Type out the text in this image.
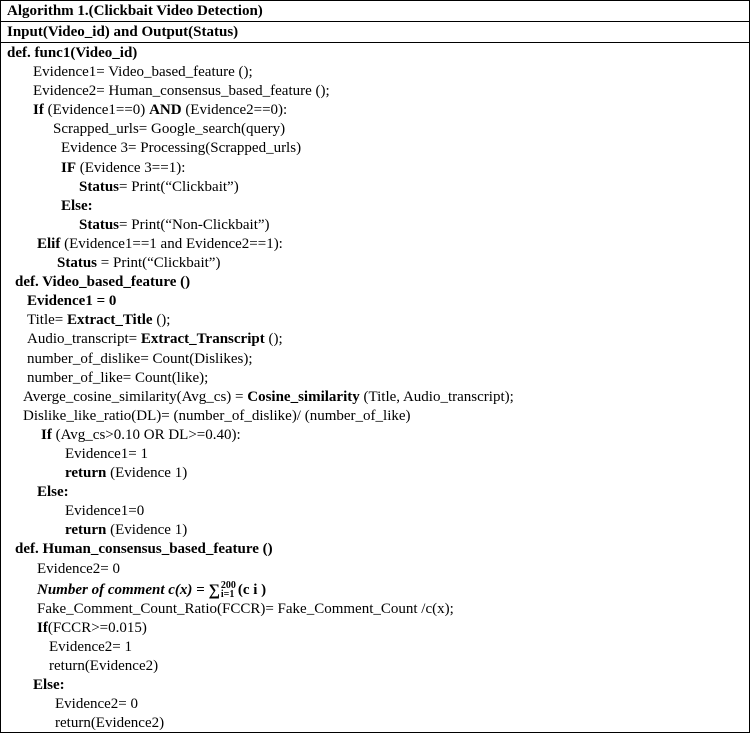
Algorithm 1.(Clickbait Video Detection)
Input(Video_id) and Output(Status)
def. func1(Video_id)
Evidence1= Video_based_feature ();
Evidence2= Human_consensus_based_feature ();
If (Evidence1==0) AND (Evidence2==0):
Scrapped_urls= Google_search(query)
Evidence 3= Processing(Scrapped_urls)
IF (Evidence 3==1):
Status= Print(“Clickbait”)
Else:
Status= Print(“Non-Clickbait”)
Elif (Evidence1==1 and Evidence2==1):
Status = Print(“Clickbait”)
def. Video_based_feature ()
Evidence1 = 0
Title= Extract_Title ();
Audio_transcript= Extract_Transcript ();
number_of_dislike= Count(Dislikes);
number_of_like= Count(like);
Averge_cosine_similarity(Avg_cs) = Cosine_similarity (Title, Audio_transcript);
Dislike_like_ratio(DL)= (number_of_dislike)/ (number_of_like)
If (Avg_cs>0.10 OR DL>=0.40):
Evidence1= 1
return (Evidence 1)
Else:
Evidence1=0
return (Evidence 1)
def. Human_consensus_based_feature ()
Evidence2= 0
Number of comment c(x) = ∑ 200
i=1 (c i )
Fake_Comment_Count_Ratio(FCCR)= Fake_Comment_Count /c(x);
If(FCCR>=0.015)
Evidence2= 1
return(Evidence2)
Else:
Evidence2= 0
return(Evidence2)
